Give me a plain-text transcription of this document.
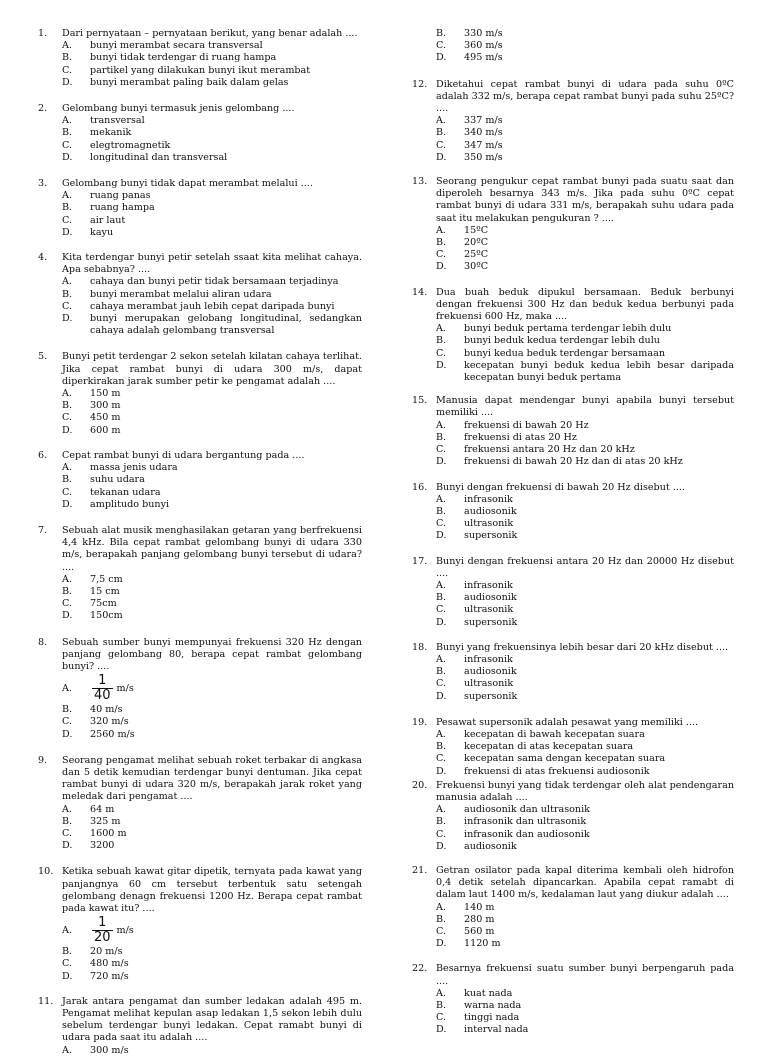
1.	Dari pernyataan – pernyataan berikut, yang benar adalah ....
A.	bunyi merambat secara transversal
B.	bunyi tidak terdengar di ruang hampa
C.	partikel yang dilakukan bunyi ikut merambat
D.	bunyi merambat paling baik dalam gelas
2.	Gelombang bunyi termasuk jenis gelombang ....
A.	transversal
B.	mekanik
C.	elegtromagnetik
D.	longitudinal dan transversal
3.	Gelombang bunyi tidak dapat merambat melalui ....
A.	ruang panas
B.	ruang hampa
C.	air laut
D.	kayu
4.	Kita terdengar bunyi petir setelah ssaat kita melihat cahaya. Apa sebabnya? ....
A.	cahaya dan bunyi petir tidak bersamaan terjadinya
B.	bunyi merambat melalui aliran udara
C.	cahaya merambat jauh lebih cepat daripada bunyi
D.	bunyi merupakan gelobang longitudinal, sedangkan cahaya adalah gelombang transversal
5.	Bunyi petit terdengar 2 sekon setelah kilatan cahaya terlihat. Jika cepat rambat bunyi di udara 300 m/s, dapat diperkirakan jarak sumber petir ke pengamat adalah ....
A.	150 m
B.	300 m
C.	450 m
D.	600 m
6.	Cepat rambat bunyi di udara bergantung pada ....
A.	massa jenis udara
B.	suhu udara
C.	tekanan udara
D.	amplitudo bunyi
7.	Sebuah alat musik menghasilakan getaran yang berfrekuensi 4,4 kHz. Bila cepat rambat gelombang bunyi di udara 330 m/s, berapakah panjang gelombang bunyi tersebut di udara? ....
A.	7,5 cm
B.	15 cm
C.	75cm
D.	150cm
8.	Sebuah sumber bunyi mempunyai frekuensi 320 Hz dengan panjang gelombang 80, berapa cepat rambat gelombang bunyi? ....
A.	$\frac{1}{40} m/s$
B.	40 m/s
C.	320 m/s
D.	2560 m/s
9.	Seorang pengamat melihat sebuah roket terbakar di angkasa dan 5 detik kemudian terdengar bunyi dentuman. Jika cepat rambat bunyi di udara 320 m/s, berapakah jarak roket yang meledak dari pengamat ....
A.	64 m
B.	325 m
C.	1600 m
D.	3200
10. Ketika sebuah kawat gitar dipetik, ternyata pada kawat yang panjangnya 60 cm tersebut terbentuk satu setengah gelombang denagn frekuensi 1200 Hz. Berapa cepat rambat pada kawat itu? ....
A.	$\frac{1}{20} m/s$
B.	20 m/s
C.	480 m/s
D.	720 m/s
11. Jarak antara pengamat dan sumber ledakan adalah 495 m. Pengamat melihat kepulan asap ledakan 1,5 sekon lebih dulu sebelum terdengar bunyi ledakan. Cepat ramabt bunyi di udara pada saat itu adalah ....
A.	300 m/s
B.	330 m/s
C.	360 m/s
D.	495 m/s
12. Diketahui cepat rambat bunyi di udara pada suhu 0ºC adalah 332 m/s, berapa cepat rambat bunyi pada suhu 25ºC? ....
A.	337 m/s
B.	340 m/s
C.	347 m/s
D.	350 m/s
13. Seorang pengukur cepat rambat bunyi pada suatu saat dan diperoleh besarnya 343 m/s. Jika pada suhu 0ºC cepat rambat bunyi di udara 331 m/s, berapakah suhu udara pada saat itu melakukan pengukuran ? ....
A.	15ºC
B.	20ºC
C.	25ºC
D.	30ºC
14. Dua buah beduk dipukul bersamaan. Beduk berbunyi dengan frekuensi 300 Hz dan beduk kedua berbunyi pada frekuensi 600 Hz, maka ....
A.	bunyi beduk pertama terdengar lebih dulu
B.	bunyi beduk kedua terdengar lebih dulu
C.	bunyi kedua beduk terdengar bersamaan
D.	kecepatan bunyi beduk kedua lebih besar daripada kecepatan bunyi beduk pertama
15. Manusia dapat mendengar bunyi apabila bunyi tersebut memiliki ....
A.	frekuensi di bawah 20 Hz
B.	frekuensi di atas 20 Hz
C.	frekuensi antara 20 Hz dan 20 kHz
D.	frekuensi di bawah 20 Hz dan di atas 20 kHz
16. Bunyi dengan frekuensi di bawah 20 Hz disebut ....
A.	infrasonik
B.	audiosonik
C.	ultrasonik
D.	supersonik
17. Bunyi dengan frekuensi antara 20 Hz dan 20000 Hz disebut ....
A.	infrasonik
B.	audiosonik
C.	ultrasonik
D.	supersonik
18. Bunyi yang frekuensinya lebih besar dari 20 kHz disebut ....
A.	infrasonik
B.	audiosonik
C.	ultrasonik
D.	supersonik
19. Pesawat supersonik adalah pesawat yang memiliki ....
A.	kecepatan di bawah kecepatan suara
B.	kecepatan di atas kecepatan suara
C.	kecepatan sama dengan kecepatan suara
D.	frekuensi di atas frekuensi audiosonik
20. Frekuensi bunyi yang tidak terdengar oleh alat pendengaran manusia adalah ....
A.	audiosonik dan ultrasonik
B.	infrasonik dan ultrasonik
C.	infrasonik dan audiosonik
D.	audiosonik
21. Getran osilator pada kapal diterima kembali oleh hidrofon 0,4 detik setelah dipancarkan. Apabila cepat ramabt di dalam laut 1400 m/s, kedalaman laut yang diukur adalah ....
A.	140 m
B.	280 m
C.	560 m
D.	1120 m
22. Besarnya frekuensi suatu sumber bunyi berpengaruh pada ....
A.	kuat nada
B.	warna nada
C.	tinggi nada
D.	interval nada
